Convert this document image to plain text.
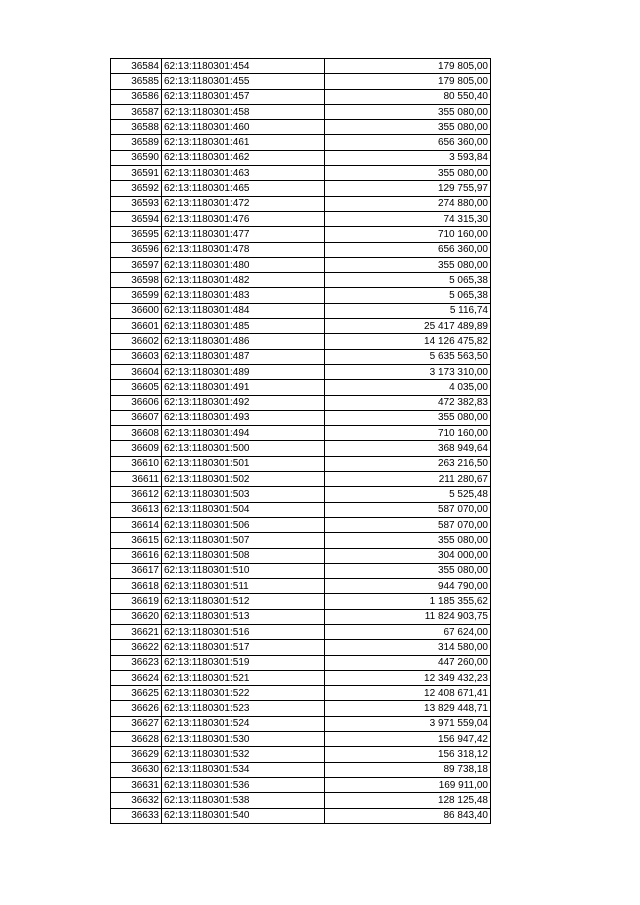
36584	62:13:1180301:454	179 805,00
36585	62:13:1180301:455	179 805,00
36586	62:13:1180301:457	80 550,40
36587	62:13:1180301:458	355 080,00
36588	62:13:1180301:460	355 080,00
36589	62:13:1180301:461	656 360,00
36590	62:13:1180301:462	3 593,84
36591	62:13:1180301:463	355 080,00
36592	62:13:1180301:465	129 755,97
36593	62:13:1180301:472	274 880,00
36594	62:13:1180301:476	74 315,30
36595	62:13:1180301:477	710 160,00
36596	62:13:1180301:478	656 360,00
36597	62:13:1180301:480	355 080,00
36598	62:13:1180301:482	5 065,38
36599	62:13:1180301:483	5 065,38
36600	62:13:1180301:484	5 116,74
36601	62:13:1180301:485	25 417 489,89
36602	62:13:1180301:486	14 126 475,82
36603	62:13:1180301:487	5 635 563,50
36604	62:13:1180301:489	3 173 310,00
36605	62:13:1180301:491	4 035,00
36606	62:13:1180301:492	472 382,83
36607	62:13:1180301:493	355 080,00
36608	62:13:1180301:494	710 160,00
36609	62:13:1180301:500	368 949,64
36610	62:13:1180301:501	263 216,50
36611	62:13:1180301:502	211 280,67
36612	62:13:1180301:503	5 525,48
36613	62:13:1180301:504	587 070,00
36614	62:13:1180301:506	587 070,00
36615	62:13:1180301:507	355 080,00
36616	62:13:1180301:508	304 000,00
36617	62:13:1180301:510	355 080,00
36618	62:13:1180301:511	944 790,00
36619	62:13:1180301:512	1 185 355,62
36620	62:13:1180301:513	11 824 903,75
36621	62:13:1180301:516	67 624,00
36622	62:13:1180301:517	314 580,00
36623	62:13:1180301:519	447 260,00
36624	62:13:1180301:521	12 349 432,23
36625	62:13:1180301:522	12 408 671,41
36626	62:13:1180301:523	13 829 448,71
36627	62:13:1180301:524	3 971 559,04
36628	62:13:1180301:530	156 947,42
36629	62:13:1180301:532	156 318,12
36630	62:13:1180301:534	89 738,18
36631	62:13:1180301:536	169 911,00
36632	62:13:1180301:538	128 125,48
36633	62:13:1180301:540	86 843,40
